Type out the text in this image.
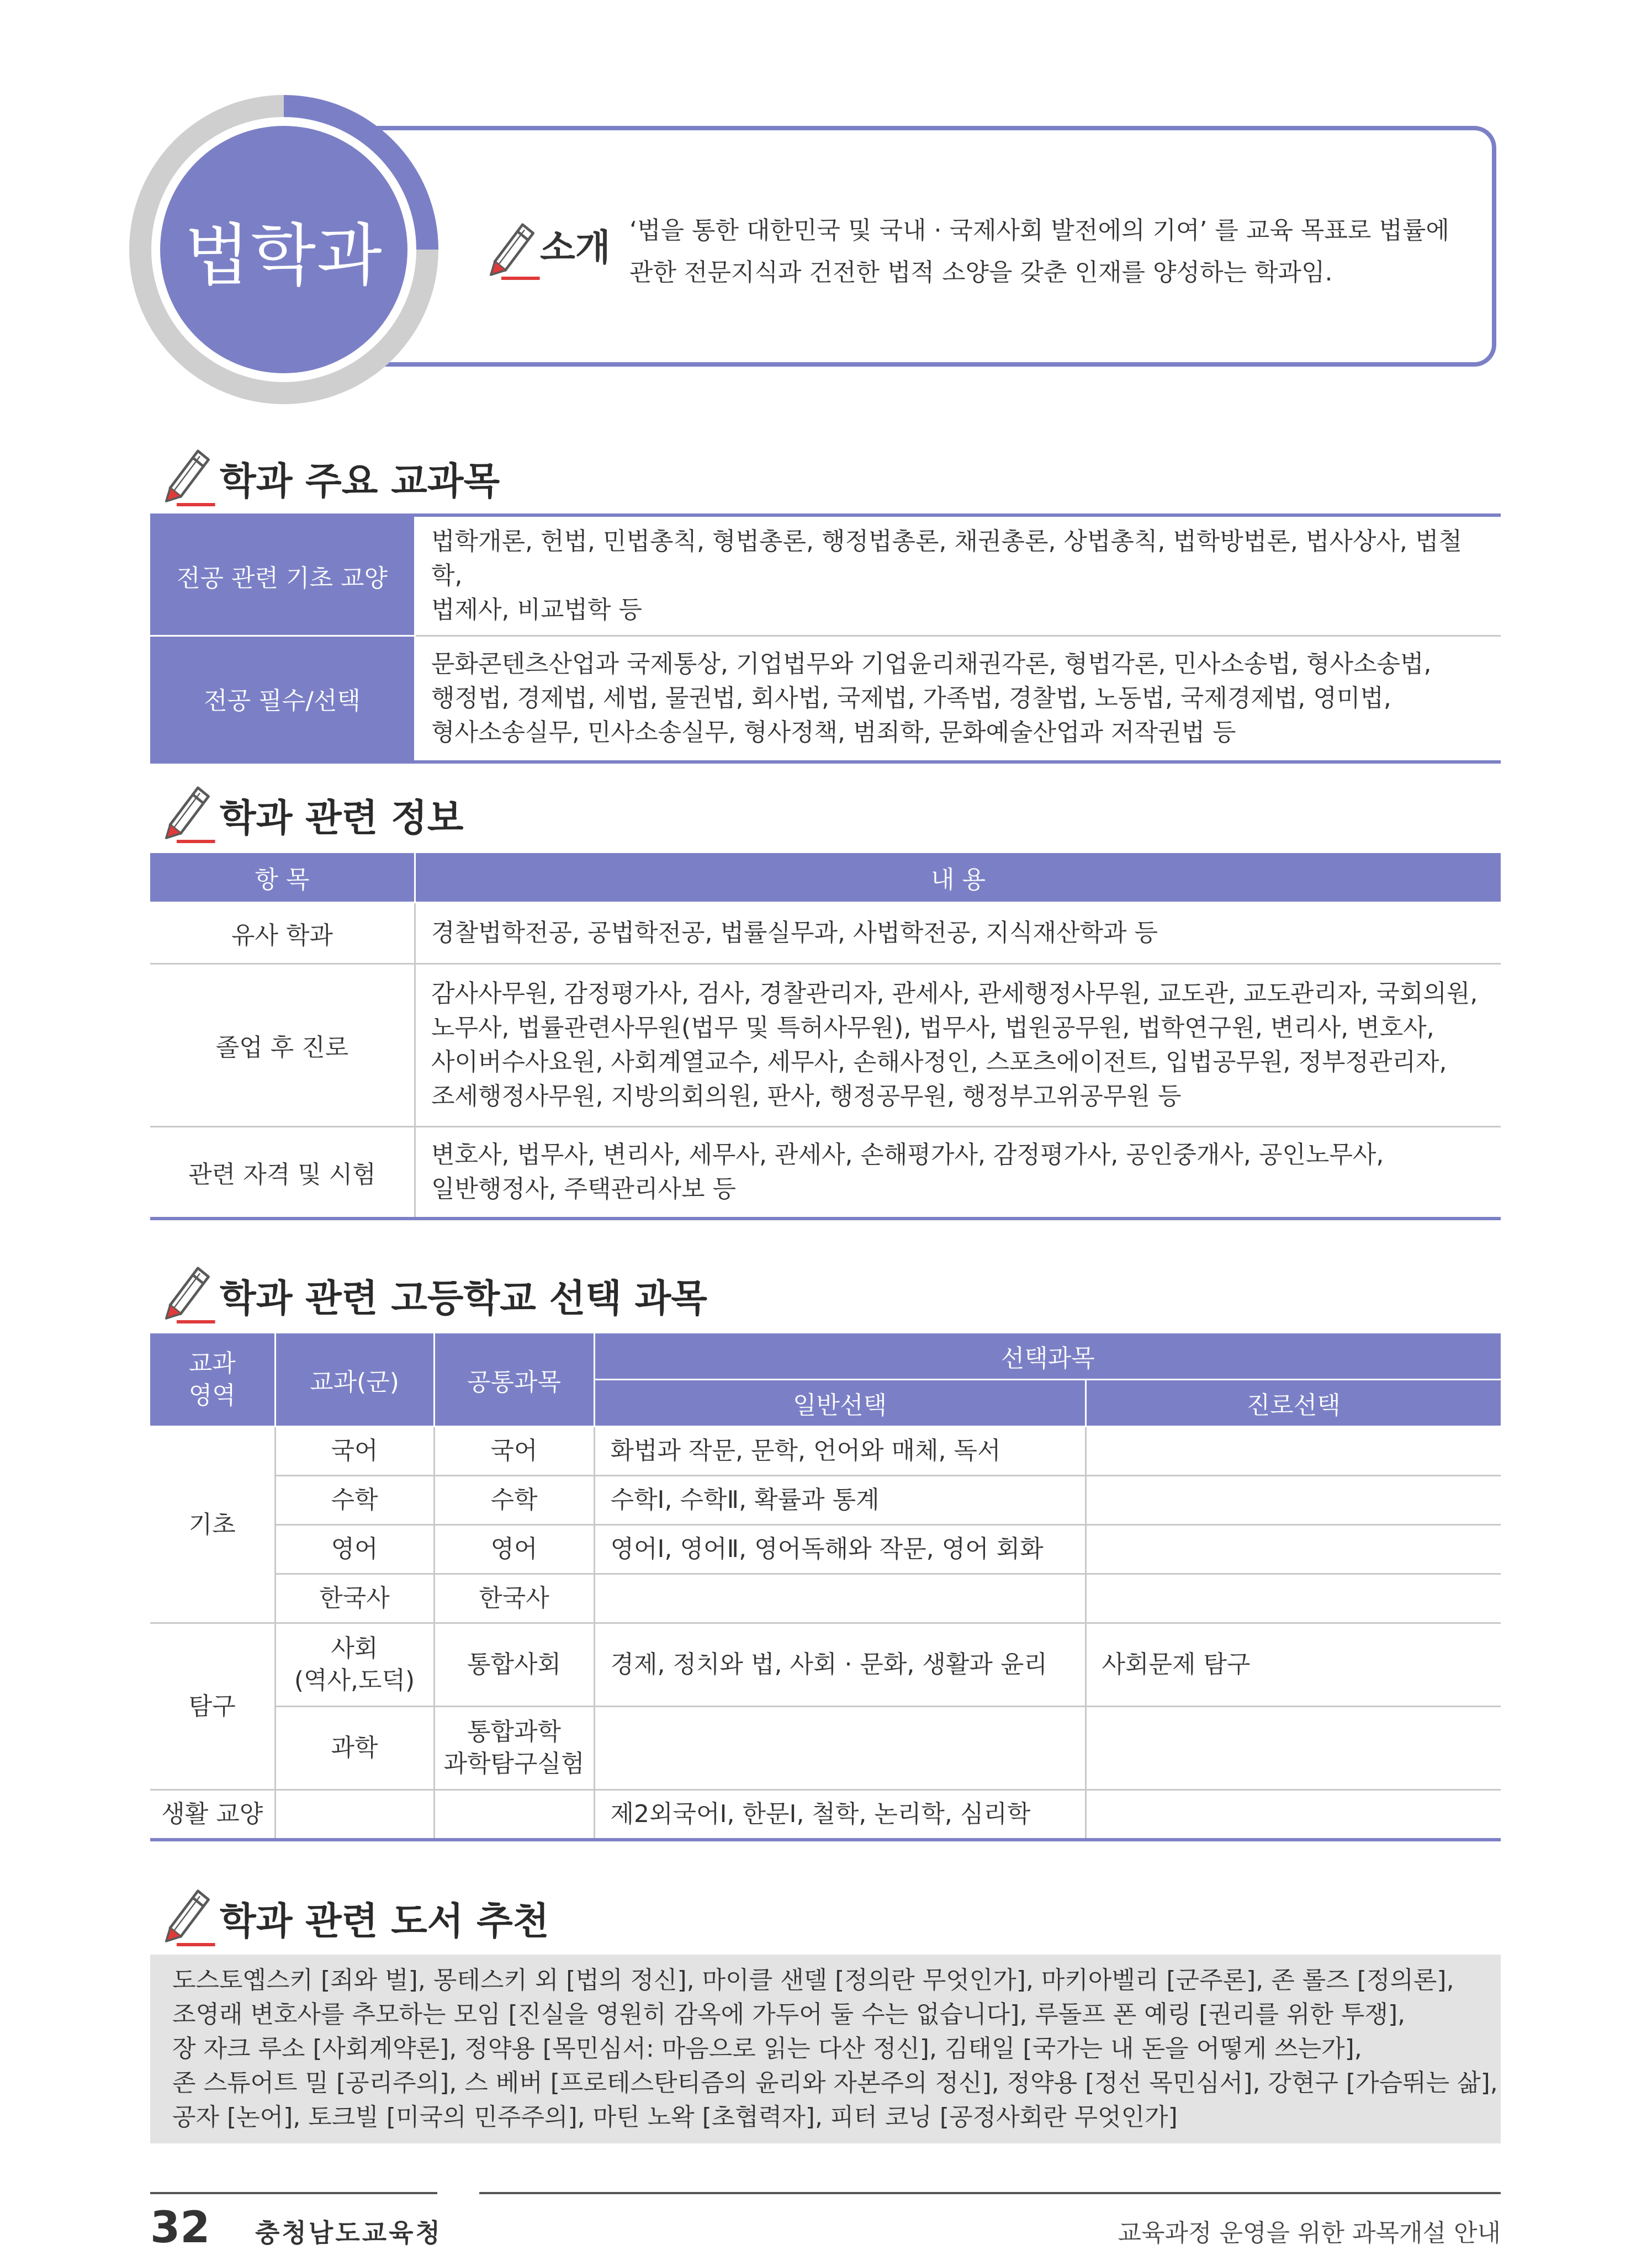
법학과	소개 ‘법을 통한 대한민국 및 국내 · 국제사회 발전에의 기여’ 를 교육 목표로 법률에
관한 전문지식과 건전한 법적 소양을 갖춘 인재를 양성하는 학과임.
학과 주요 교과목
전공 관련 기초 교양	법학개론, 헌법, 민법총칙, 형법총론, 행정법총론, 채권총론, 상법총칙, 법학방법론, 법사상사, 법철학,
법제사, 비교법학 등

전공 필수/선택	문화콘텐츠산업과 국제통상, 기업법무와 기업윤리채권각론, 형법각론, 민사소송법, 형사소송법,
행정법, 경제법, 세법, 물권법, 회사법, 국제법, 가족법, 경찰법, 노동법, 국제경제법, 영미법,
형사소송실무, 민사소송실무, 형사정책, 범죄학, 문화예술산업과 저작권법 등
학과 관련 정보
항 목	내 용
유사 학과	경찰법학전공, 공법학전공, 법률실무과, 사법학전공, 지식재산학과 등

졸업 후 진로	감사사무원, 감정평가사, 검사, 경찰관리자, 관세사, 관세행정사무원, 교도관, 교도관리자, 국회의원,
노무사, 법률관련사무원(법무 및 특허사무원), 법무사, 법원공무원, 법학연구원, 변리사, 변호사,
사이버수사요원, 사회계열교수, 세무사, 손해사정인, 스포츠에이전트, 입법공무원, 정부정관리자,
조세행정사무원, 지방의회의원, 판사, 행정공무원, 행정부고위공무원 등

관련 자격 및 시험	변호사, 법무사, 변리사, 세무사, 관세사, 손해평가사, 감정평가사, 공인중개사, 공인노무사,
일반행정사, 주택관리사보 등
학과 관련 고등학교 선택 과목
교과
영역	교과(군)	공통과목	선택과목	
			일반선택	진로선택
기초	국어	국어	화법과 작문, 문학, 언어와 매체, 독서	
	수학	수학	수학Ⅰ, 수학Ⅱ, 확률과 통계	
	영어	영어	영어Ⅰ, 영어Ⅱ, 영어독해와 작문, 영어 회화	
	한국사	한국사		
탐구	사회
(역사,도덕)	통합사회	경제, 정치와 법, 사회 · 문화, 생활과 윤리	사회문제 탐구
	과학	통합과학
과학탐구실험		

생활 교양			제2외국어Ⅰ, 한문Ⅰ, 철학, 논리학, 심리학	
학과 관련 도서 추천
도스토옙스키 [죄와 벌], 몽테스키 외 [법의 정신], 마이클 샌델 [정의란 무엇인가], 마키아벨리 [군주론], 존 롤즈 [정의론],
조영래 변호사를 추모하는 모임 [진실을 영원히 감옥에 가두어 둘 수는 없습니다], 루돌프 폰 예링 [권리를 위한 투쟁],
장 자크 루소 [사회계약론], 정약용 [목민심서: 마음으로 읽는 다산 정신], 김태일 [국가는 내 돈을 어떻게 쓰는가],
존 스튜어트 밀 [공리주의], 스 베버 [프로테스탄티즘의 윤리와 자본주의 정신], 정약용 [정선 목민심서], 강현구 [가슴뛰는 삶],
공자 [논어], 토크빌 [미국의 민주주의], 마틴 노왁 [초협력자], 피터 코닝 [공정사회란 무엇인가]
32 충청남도교육청	교육과정 운영을 위한 과목개설 안내
